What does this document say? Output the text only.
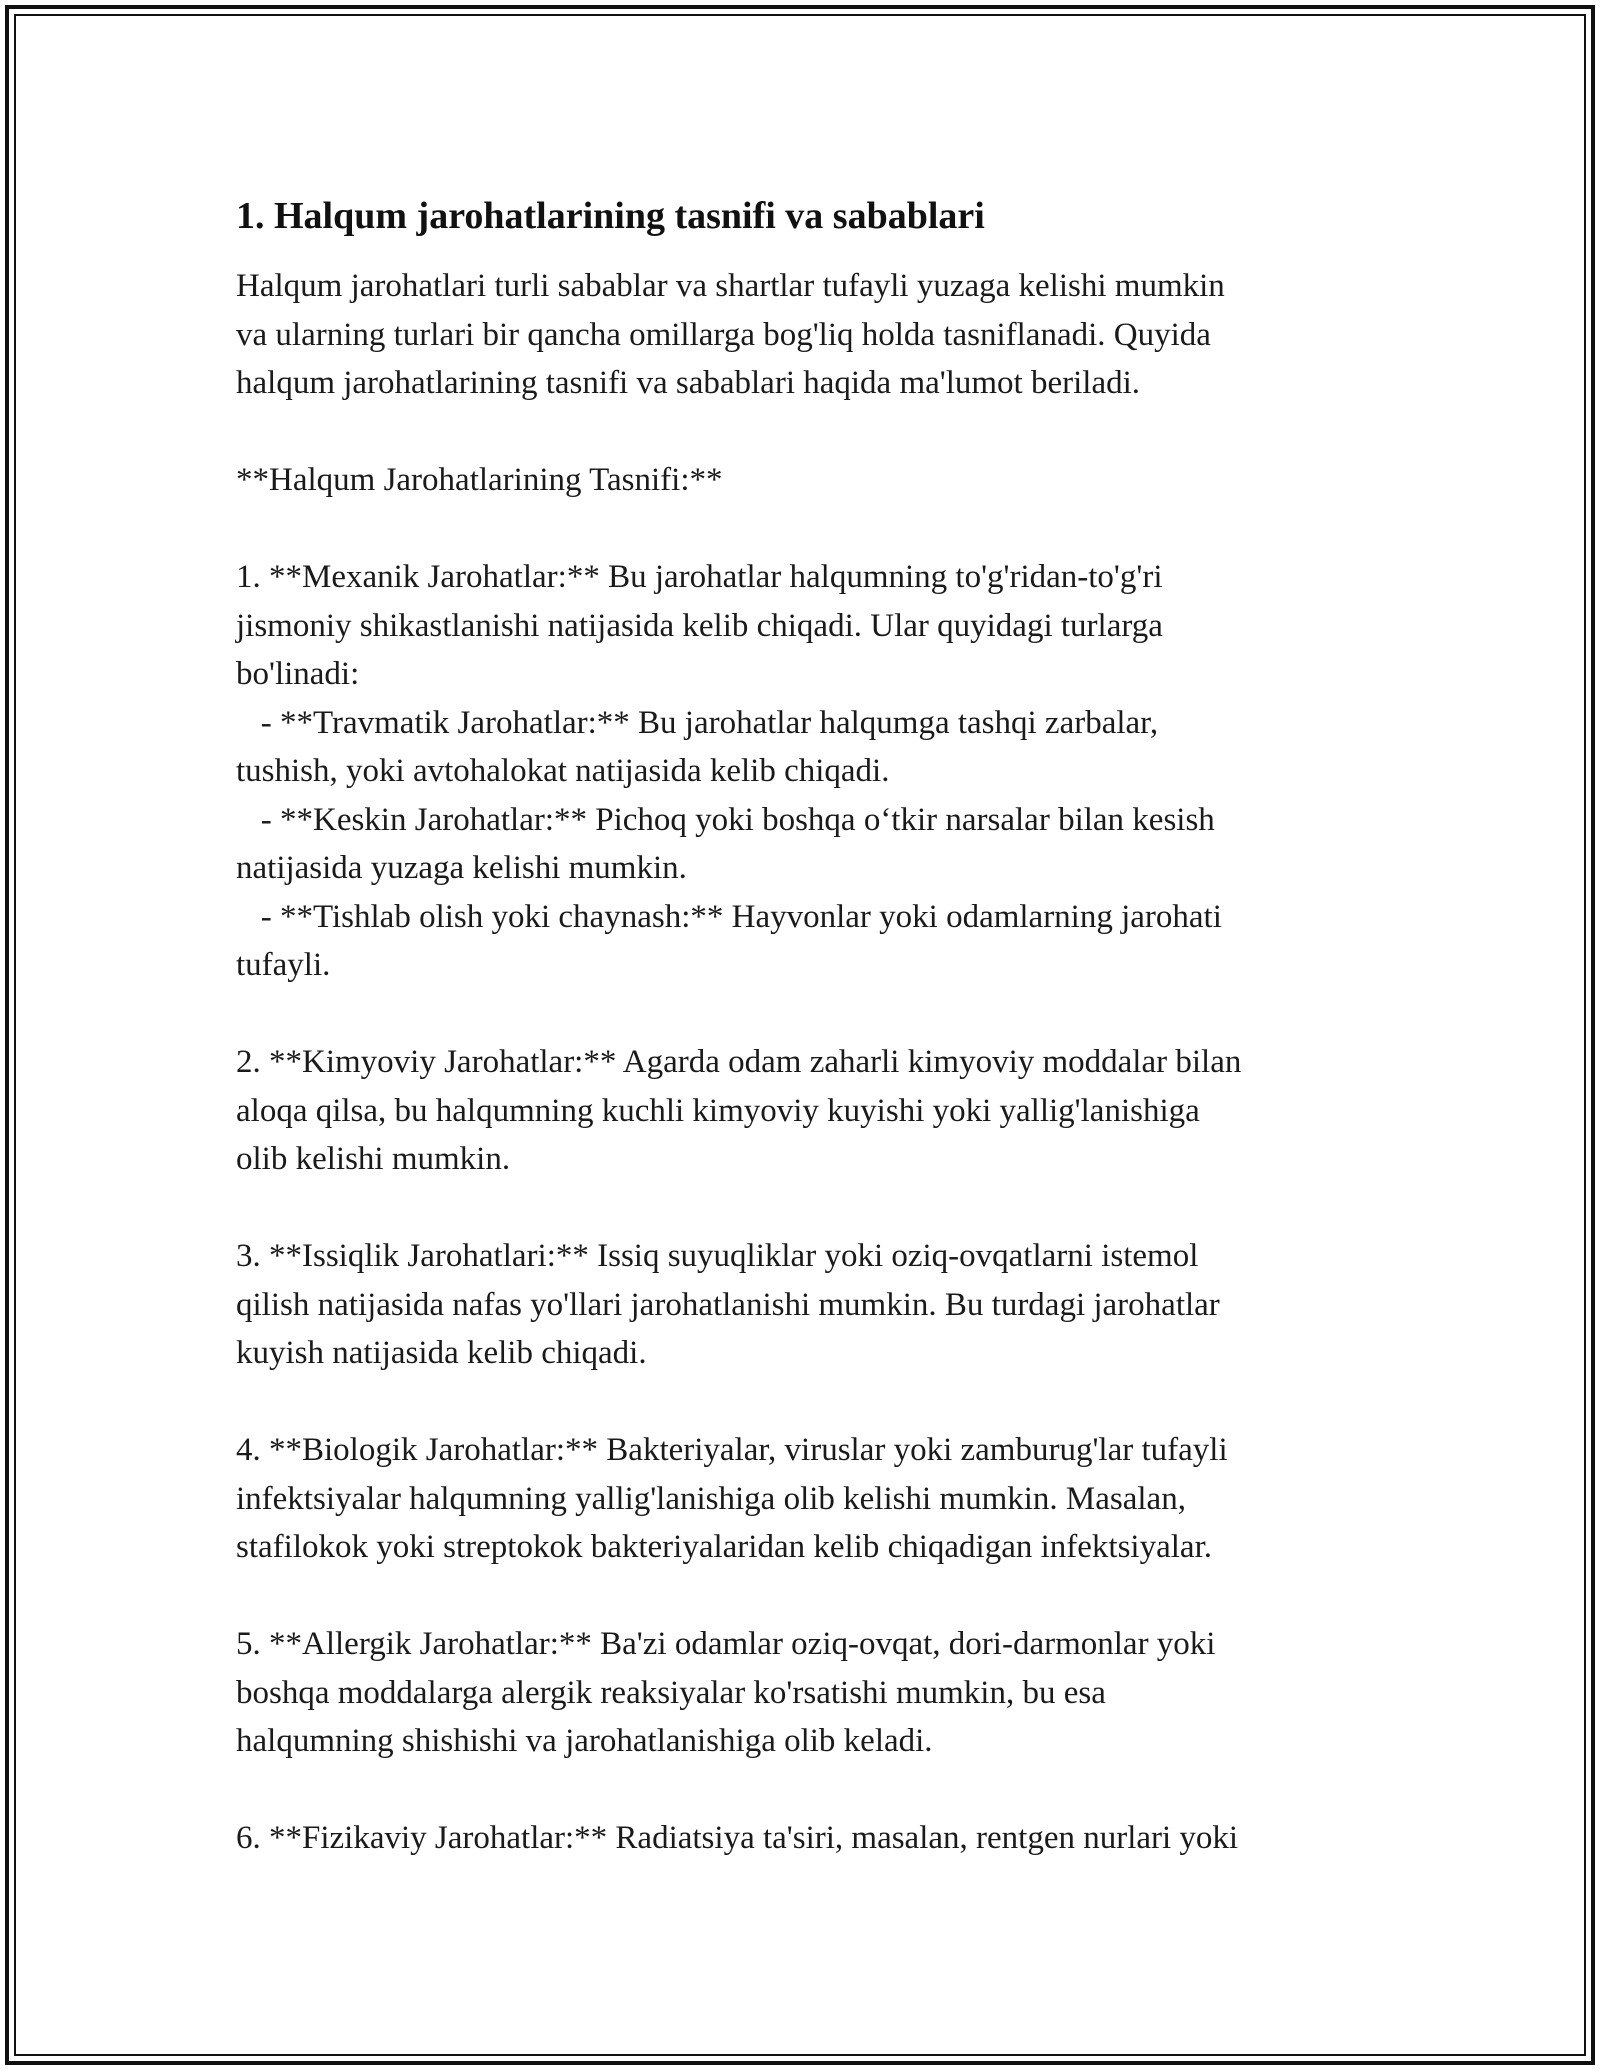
1. Halqum jarohatlarining tasnifi va sabablari

Halqum jarohatlari turli sabablar va shartlar tufayli yuzaga kelishi mumkin
va ularning turlari bir qancha omillarga bog'liq holda tasniflanadi. Quyida
halqum jarohatlarining tasnifi va sabablari haqida ma'lumot beriladi.

**Halqum Jarohatlarining Tasnifi:**

1. **Mexanik Jarohatlar:** Bu jarohatlar halqumning to'g'ridan-to'g'ri
jismoniy shikastlanishi natijasida kelib chiqadi. Ular quyidagi turlarga
bo'linadi:
- **Travmatik Jarohatlar:** Bu jarohatlar halqumga tashqi zarbalar,
tushish, yoki avtohalokat natijasida kelib chiqadi.
- **Keskin Jarohatlar:** Pichoq yoki boshqa o‘tkir narsalar bilan kesish
natijasida yuzaga kelishi mumkin.
- **Tishlab olish yoki chaynash:** Hayvonlar yoki odamlarning jarohati
tufayli.

2. **Kimyoviy Jarohatlar:** Agarda odam zaharli kimyoviy moddalar bilan
aloqa qilsa, bu halqumning kuchli kimyoviy kuyishi yoki yallig'lanishiga
olib kelishi mumkin.

3. **Issiqlik Jarohatlari:** Issiq suyuqliklar yoki oziq-ovqatlarni istemol
qilish natijasida nafas yo'llari jarohatlanishi mumkin. Bu turdagi jarohatlar
kuyish natijasida kelib chiqadi.

4. **Biologik Jarohatlar:** Bakteriyalar, viruslar yoki zamburug'lar tufayli
infektsiyalar halqumning yallig'lanishiga olib kelishi mumkin. Masalan,
stafilokok yoki streptokok bakteriyalaridan kelib chiqadigan infektsiyalar.

5. **Allergik Jarohatlar:** Ba'zi odamlar oziq-ovqat, dori-darmonlar yoki
boshqa moddalarga alergik reaksiyalar ko'rsatishi mumkin, bu esa
halqumning shishishi va jarohatlanishiga olib keladi.

6. **Fizikaviy Jarohatlar:** Radiatsiya ta'siri, masalan, rentgen nurlari yoki
